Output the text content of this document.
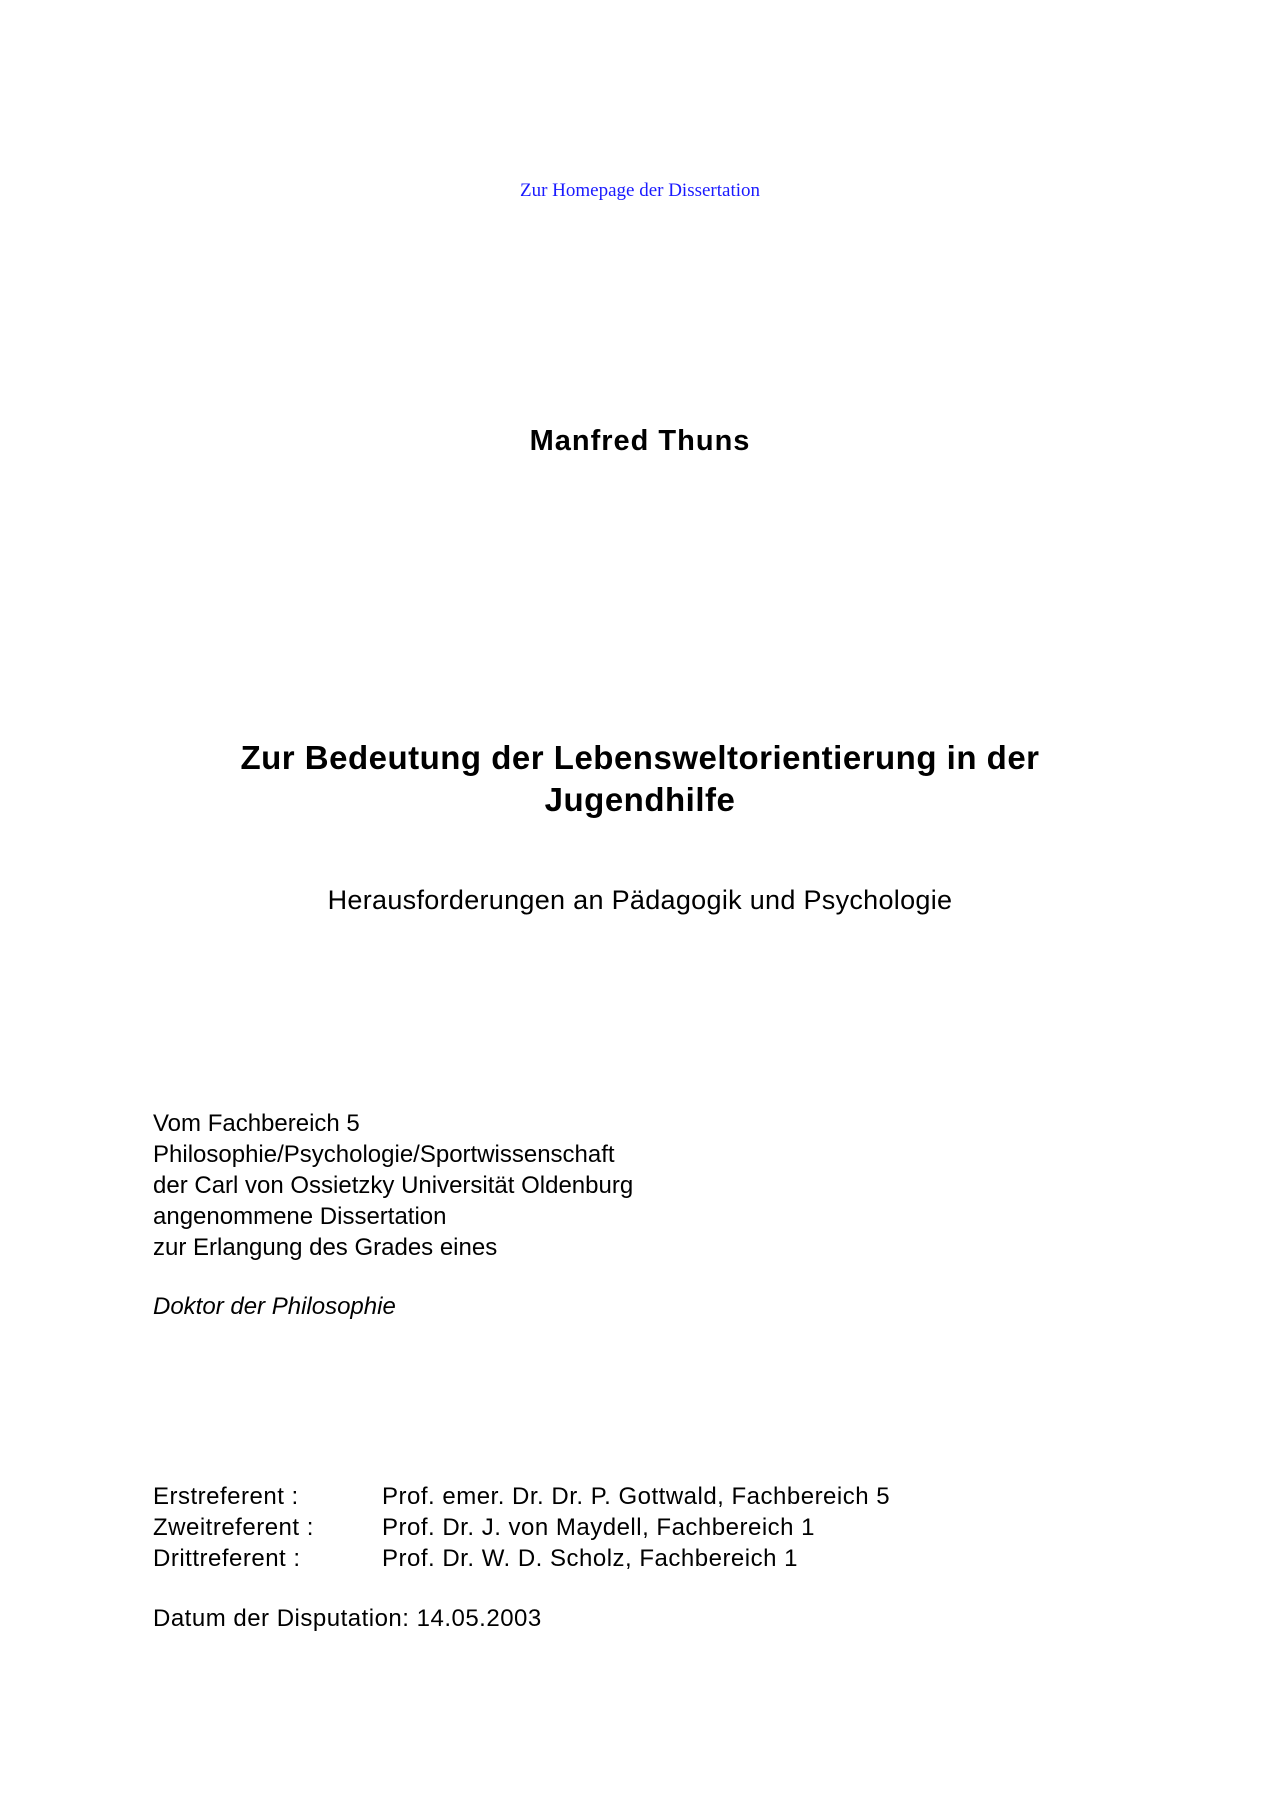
Zur Homepage der Dissertation
Manfred Thuns
Zur Bedeutung der Lebensweltorientierung in der
Jugendhilfe
Herausforderungen an Pädagogik und Psychologie
Vom Fachbereich 5
Philosophie/Psychologie/Sportwissenschaft
der Carl von Ossietzky Universität Oldenburg
angenommene Dissertation
zur Erlangung des Grades eines
Doktor der Philosophie
Erstreferent :	Prof. emer. Dr. Dr. P. Gottwald, Fachbereich 5
Zweitreferent :	Prof. Dr. J. von Maydell, Fachbereich 1
Drittreferent :	Prof. Dr. W. D. Scholz, Fachbereich 1
Datum der Disputation: 14.05.2003
